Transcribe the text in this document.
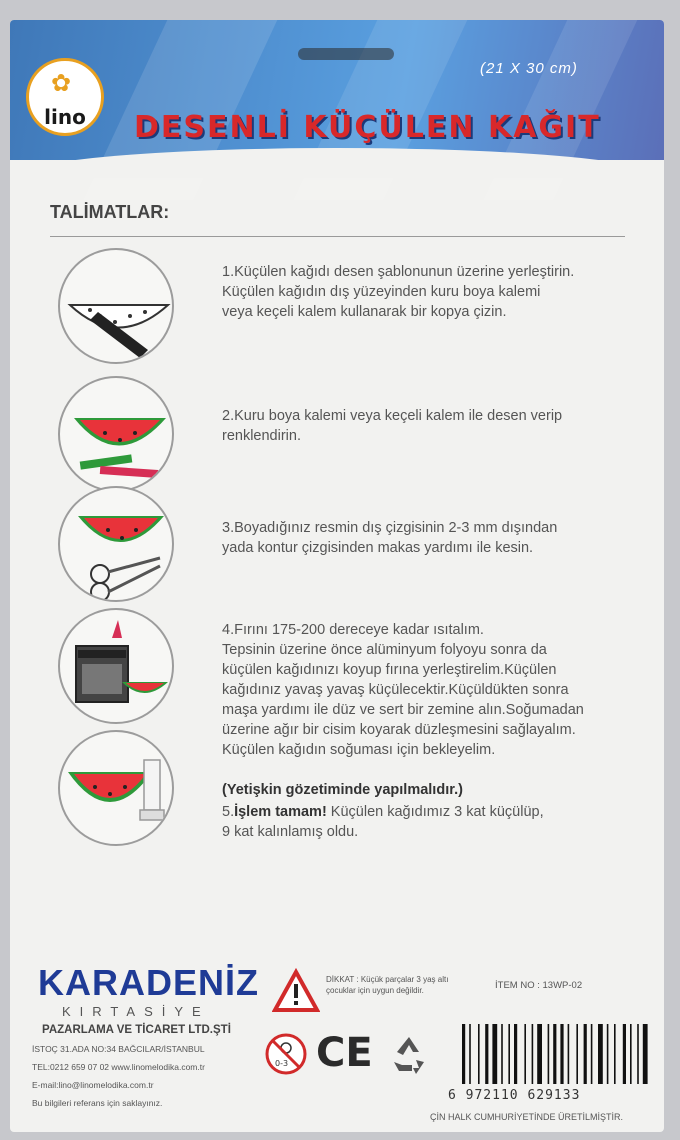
✿
lino
(21 X 30 cm)
DESENLİ KÜÇÜLEN KAĞIT
TALİMATLAR:
1.Küçülen kağıdı desen şablonunun üzerine yerleştirin.
Küçülen kağıdın dış yüzeyinden kuru boya kalemi
veya keçeli kalem kullanarak bir kopya çizin.
2.Kuru boya kalemi veya keçeli kalem ile desen verip
renklendirin.
3.Boyadığınız resmin dış çizgisinin 2-3 mm dışından
yada kontur çizgisinden makas yardımı ile kesin.

4.Fırını 175-200 dereceye kadar ısıtalım.
Tepsinin üzerine önce alüminyum folyoyu sonra da
küçülen kağıdınızı koyup fırına yerleştirelim.Küçülen
kağıdınız yavaş yavaş küçülecektir.Küçüldükten sonra
maşa yardımı ile düz ve sert bir zemine alın.Soğumadan
üzerine ağır bir cisim koyarak düzleşmesini sağlayalım.
Küçülen kağıdın soğuması için bekleyelim.

(Yetişkin gözetiminde yapılmalıdır.)

5.İşlem tamam! Küçülen kağıdımız 3 kat küçülüp,
9 kat kalınlamış oldu.

KARADENİZ
KIRTASİYE
PAZARLAMA VE TİCARET LTD.ŞTİ
İSTOÇ 31.ADA NO:34 BAĞCILAR/İSTANBUL
TEL:0212 659 07 02 www.linomelodika.com.tr
E-mail:lino@linomelodika.com.tr
Bu bilgileri referans için saklayınız.
DİKKAT : Küçük parçalar 3 yaş altı çocuklar için uygun değildir.	İTEM NO : 13WP-02
0-3 CE
6 972110 629133
ÇİN HALK CUMHURİYETİNDE ÜRETİLMİŞTİR.
